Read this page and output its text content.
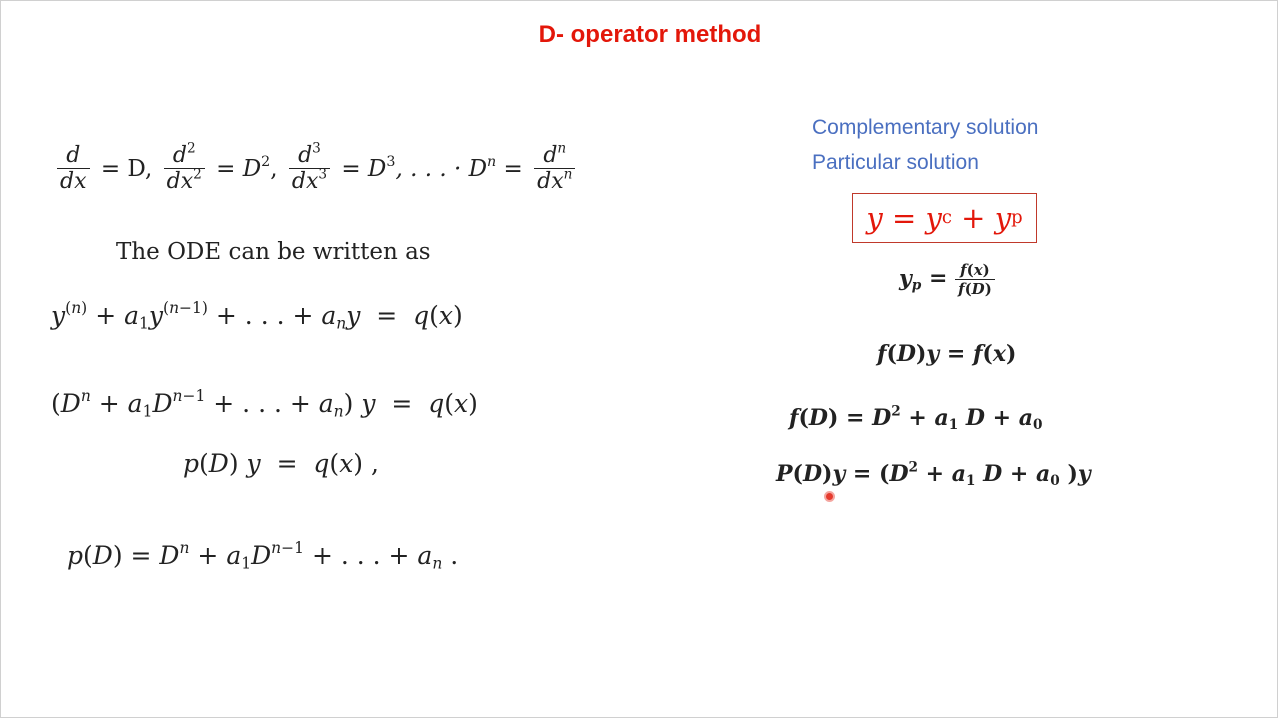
D- operator method
$\frac{d}{dx} = D$, $\frac{d^2}{dx^2} = D^2$, $\frac{d^3}{dx^3} = D^3$, . . . · $D^n = \frac{d^n}{dx^n}$
The ODE can be written as
$y^{(n)} + a_1y^{(n-1)}$ + . . . + $a_ny = q(x)$
($D^n + a_1D^{n-1}$ + . . . + $a_n$) y  =  q(x)
p(D) y  =  q(x) ,
$p(D) = D^n + a_1D^{n-1}$ + . . . + $a_n$ .
Complementary solution
Particular solution
y = y c + y p
$y_p = \frac{f(x)}{f(D)}$
f(D)y = f(x)
$f(D) = D^2 + a_1$ $D + a_0$
$P(D)y = (D^2 + a_1$ $D + a_0$ )y
